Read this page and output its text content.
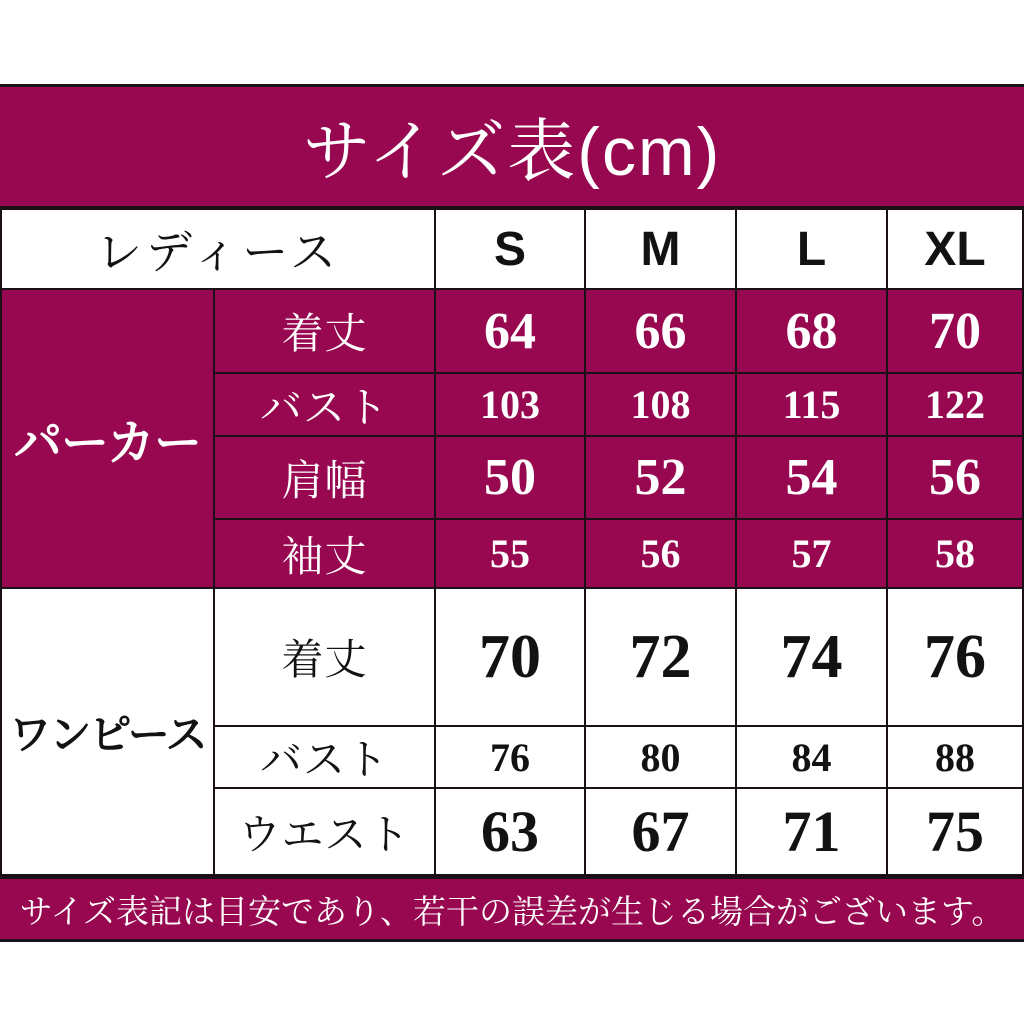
サイズ表(cm)
レディース	S M L XL
パーカー
着丈	64	66	68	70
バスト	103	108	115	122
肩幅	50	52	54	56
袖丈	55	56	57	58
ワンピース
着丈	70	72	74	76
バスト	76	80	84	88
ウエスト	63	67	71	75
サイズ表記は目安であり、若干の誤差が生じる場合がございます。
